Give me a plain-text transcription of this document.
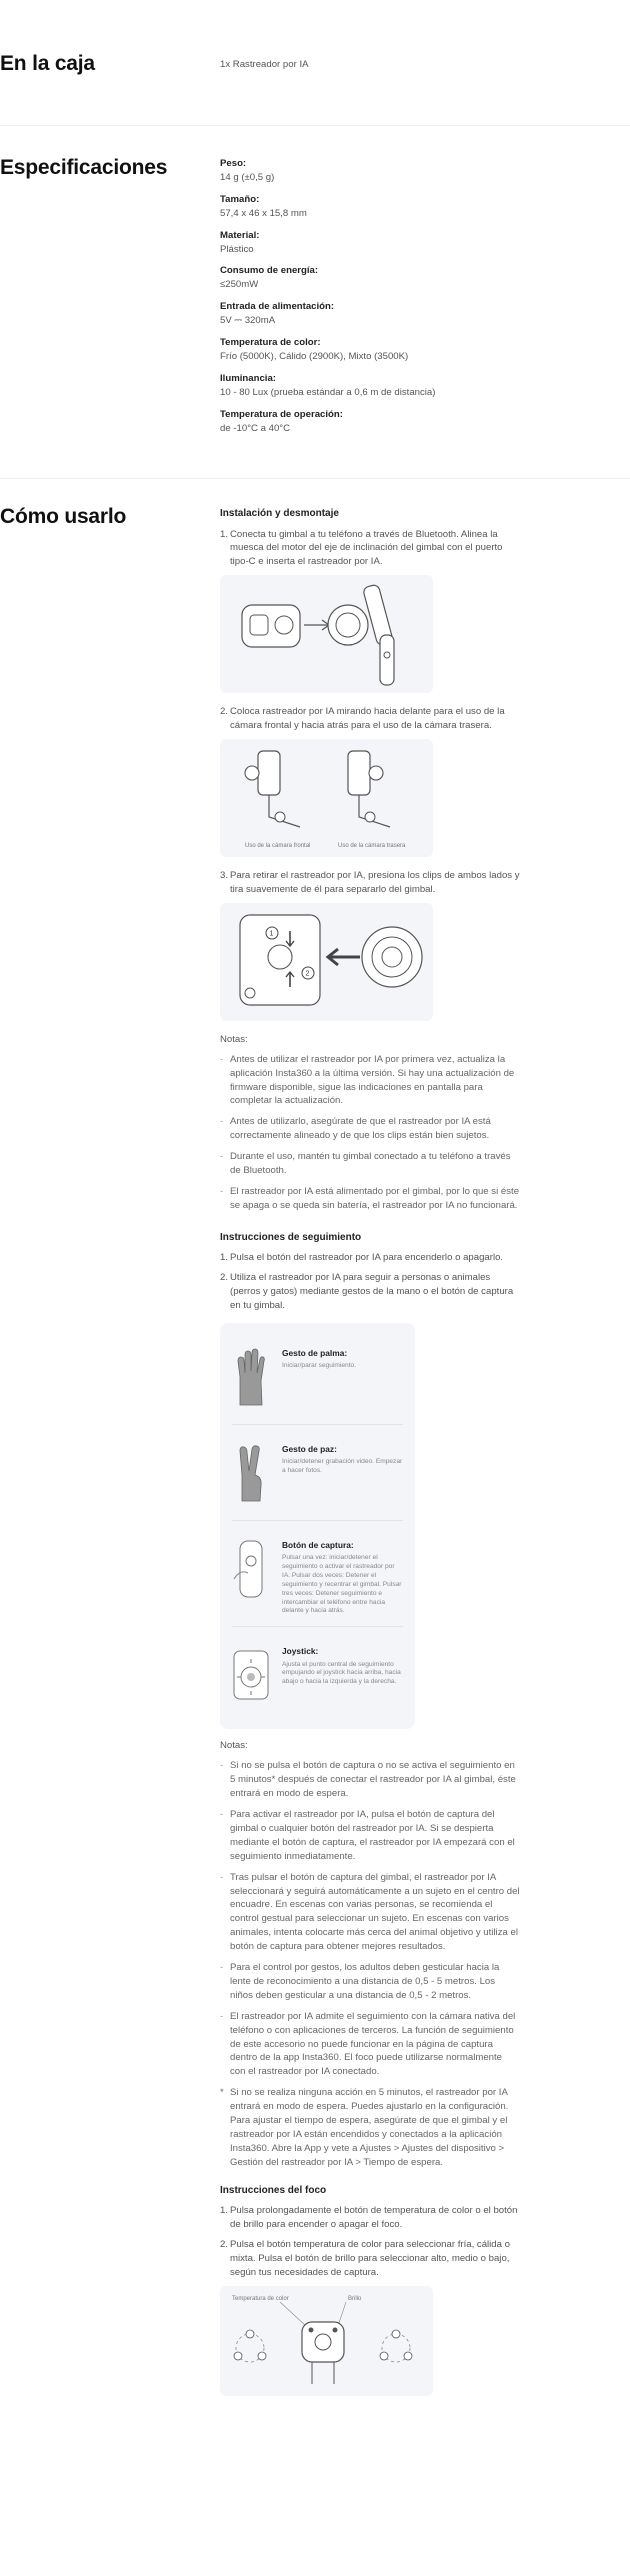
En la caja	1x Rastreador por IA
Especificaciones	Peso:
14 g (±0,5 g)
Tamaño:
57,4 x 46 x 15,8 mm
Material:
Plástico
Consumo de energía:
≤250mW
Entrada de alimentación:
5V ⎓ 320mA
Temperatura de color:
Frío (5000K), Cálido (2900K), Mixto (3500K)
Iluminancia:
10 - 80 Lux (prueba estándar a 0,6 m de distancia)
Temperatura de operación:
de -10°C a 40°C
Cómo usarlo	Instalación y desmontaje
1. Conecta tu gimbal a tu teléfono a través de Bluetooth. Alinea la muesca del motor del eje de inclinación del gimbal con el puerto tipo-C e inserta el rastreador por IA.
2. Coloca rastreador por IA mirando hacia delante para el uso de la cámara frontal y hacia atrás para el uso de la cámara trasera.
Uso de la cámara frontal	Uso de la cámara trasera
3. Para retirar el rastreador por IA, presiona los clips de ambos lados y tira suavemente de él para separarlo del gimbal.
1
2
Notas:
- Antes de utilizar el rastreador por IA por primera vez, actualiza la aplicación Insta360 a la última versión. Si hay una actualización de firmware disponible, sigue las indicaciones en pantalla para completar la actualización.
- Antes de utilizarlo, asegúrate de que el rastreador por IA está correctamente alineado y de que los clips están bien sujetos.
- Durante el uso, mantén tu gimbal conectado a tu teléfono a través de Bluetooth.
- El rastreador por IA está alimentado por el gimbal, por lo que si éste se apaga o se queda sin batería, el rastreador por IA no funcionará.
Instrucciones de seguimiento
1. Pulsa el botón del rastreador por IA para encenderlo o apagarlo.
2. Utiliza el rastreador por IA para seguir a personas o animales (perros y gatos) mediante gestos de la mano o el botón de captura en tu gimbal.
Gesto de palma:
Iniciar/parar seguimiento.
Gesto de paz:
Iniciar/detener grabación video. Empezar a hacer fotos.
Botón de captura:
Pulsar una vez: iniciar/detener el seguimiento o activar el rastreador por IA. Pulsar dos veces: Detener el seguimiento y recentrar el gimbal. Pulsar tres veces: Detener seguimiento e intercambiar el teléfono entre hacia delante y hacia atrás.
Joystick:
Ajusta el punto central de seguimiento empujando el joystick hacia arriba, hacia abajo o hacia la izquierda y la derecha.
Notas:
- Si no se pulsa el botón de captura o no se activa el seguimiento en 5 minutos* después de conectar el rastreador por IA al gimbal, éste entrará en modo de espera.
- Para activar el rastreador por IA, pulsa el botón de captura del gimbal o cualquier botón del rastreador por IA. Si se despierta mediante el botón de captura, el rastreador por IA empezará con el seguimiento inmediatamente.
- Tras pulsar el botón de captura del gimbal, el rastreador por IA seleccionará y seguirá automáticamente a un sujeto en el centro del encuadre. En escenas con varias personas, se recomienda el control gestual para seleccionar un sujeto. En escenas con varios animales, intenta colocarte más cerca del animal objetivo y utiliza el botón de captura para obtener mejores resultados.
- Para el control por gestos, los adultos deben gesticular hacia la lente de reconocimiento a una distancia de 0,5 - 5 metros. Los niños deben gesticular a una distancia de 0,5 - 2 metros.
- El rastreador por IA admite el seguimiento con la cámara nativa del teléfono o con aplicaciones de terceros. La función de seguimiento de este accesorio no puede funcionar en la página de captura dentro de la app Insta360. El foco puede utilizarse normalmente con el rastreador por IA conectado.
* Si no se realiza ninguna acción en 5 minutos, el rastreador por IA entrará en modo de espera. Puedes ajustarlo en la configuración. Para ajustar el tiempo de espera, asegúrate de que el gimbal y el rastreador por IA están encendidos y conectados a la aplicación Insta360. Abre la App y vete a Ajustes > Ajustes del dispositivo > Gestión del rastreador por IA > Tiempo de espera.
Instrucciones del foco
1. Pulsa prolongadamente el botón de temperatura de color o el botón de brillo para encender o apagar el foco.
2. Pulsa el botón temperatura de color para seleccionar fría, cálida o mixta. Pulsa el botón de brillo para seleccionar alto, medio o bajo, según tus necesidades de captura.
Temperatura de color	Brillo
